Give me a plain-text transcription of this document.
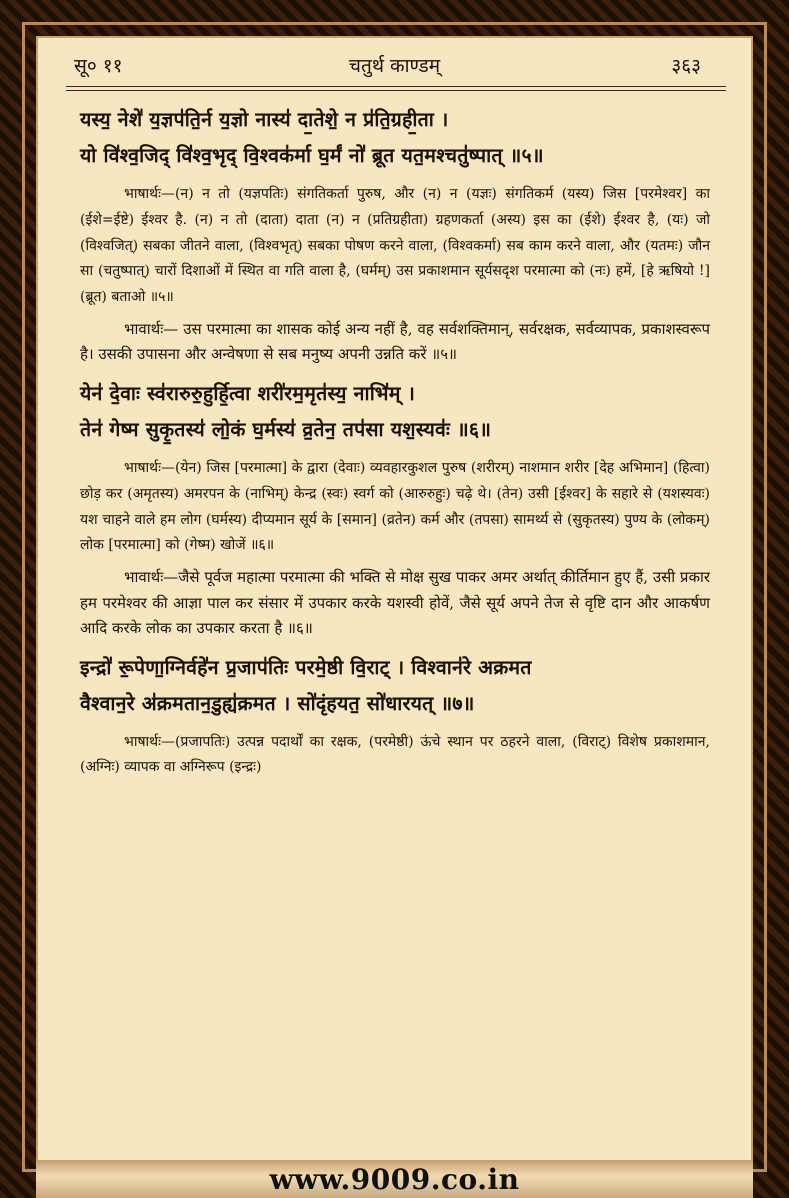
सू० ११	चतुर्थ काण्डम्	३६३

यस्य॒ नेशे॑ य॒ज्ञप॑ति॒र्न य॒ज्ञो नास्य॑ दा॒तेशे॒ न प्र॑ति॒ग्रही॒ता ।

यो वि॑श्व॒जिद् वि॑श्व॒भृद् वि॒श्वक॑र्मा घ॒र्मं नो॑ ब्रूत यत॒मश्चतु॑ष्पात् ॥५॥

भाषार्थः—(न) न तो (यज्ञपतिः) संगतिकर्ता पुरुष, और (न) न (यज्ञः) संगतिकर्म (यस्य) जिस [परमेश्वर] का (ईशे=ईष्टे) ईश्वर है. (न) न तो (दाता) दाता (न) न (प्रतिग्रहीता) ग्रहणकर्ता (अस्य) इस का (ईशे) ईश्वर है, (यः) जो (विश्वजित्) सबका जीतने वाला, (विश्वभृत्) सबका पोषण करने वाला, (विश्वकर्मा) सब काम करने वाला, और (यतमः) जौन सा (चतुष्पात्) चारों दिशाओं में स्थित वा गति वाला है, (घर्मम्) उस प्रकाशमान सूर्यसदृश परमात्मा को (नः) हमें, [हे ऋषियो !] (ब्रूत) बताओ ॥५॥

भावार्थः— उस परमात्मा का शासक कोई अन्य नहीं है, वह सर्वशक्तिमान्, सर्वरक्षक, सर्वव्यापक, प्रकाशस्वरूप है। उसकी उपासना और अन्वेषणा से सब मनुष्य अपनी उन्नति करें ॥५॥

येन॑ दे॒वाः स्व॑रारुरु॒हुर्हि॒त्वा शरी॑रम॒मृत॑स्य॒ नाभि॑म् ।

तेन॑ गेष्म सुकृ॒तस्य॑ लो॒कं घ॒र्मस्य॑ व्र॒तेन॒ तप॑सा यश॒स्यवः॑ ॥६॥

भाषार्थः—(येन) जिस [परमात्मा] के द्वारा (देवाः) व्यवहारकुशल पुरुष (शरीरम्) नाशमान शरीर [देह अभिमान] (हित्वा) छोड़ कर (अमृतस्य) अमरपन के (नाभिम्) केन्द्र (स्वः) स्वर्ग को (आरुरुहुः) चढ़े थे। (तेन) उसी [ईश्वर] के सहारे से (यशस्यवः) यश चाहने वाले हम लोग (घर्मस्य) दीप्यमान सूर्य के [समान] (व्रतेन) कर्म और (तपसा) सामर्थ्य से (सुकृतस्य) पुण्य के (लोकम्) लोक [परमात्मा] को (गेष्म) खोजें ॥६॥

भावार्थः—जैसे पूर्वज महात्मा परमात्मा की भक्ति से मोक्ष सुख पाकर अमर अर्थात् कीर्तिमान हुए हैं, उसी प्रकार हम परमेश्वर की आज्ञा पाल कर संसार में उपकार करके यशस्वी होवें, जैसे सूर्य अपने तेज से वृष्टि दान और आकर्षण आदि करके लोक का उपकार करता है ॥६॥

इन्द्रो॑ रू॒पेणा॒ग्निर्वहे॑न प्र॒जाप॑तिः परमे॒ष्ठी वि॒राट् । विश्वान॑रे अक्रमत

वैश्वान॒रे अ॑क्रमतान॒डुह्य॑क्रमत । सो॑दृंहयत॒ सो॑धारयत् ॥७॥

भाषार्थः—(प्रजापतिः) उत्पन्न पदार्थों का रक्षक, (परमेष्ठी) ऊंचे स्थान पर ठहरने वाला, (विराट्) विशेष प्रकाशमान, (अग्निः) व्यापक वा अग्निरूप (इन्द्रः)

www.9009.co.in
